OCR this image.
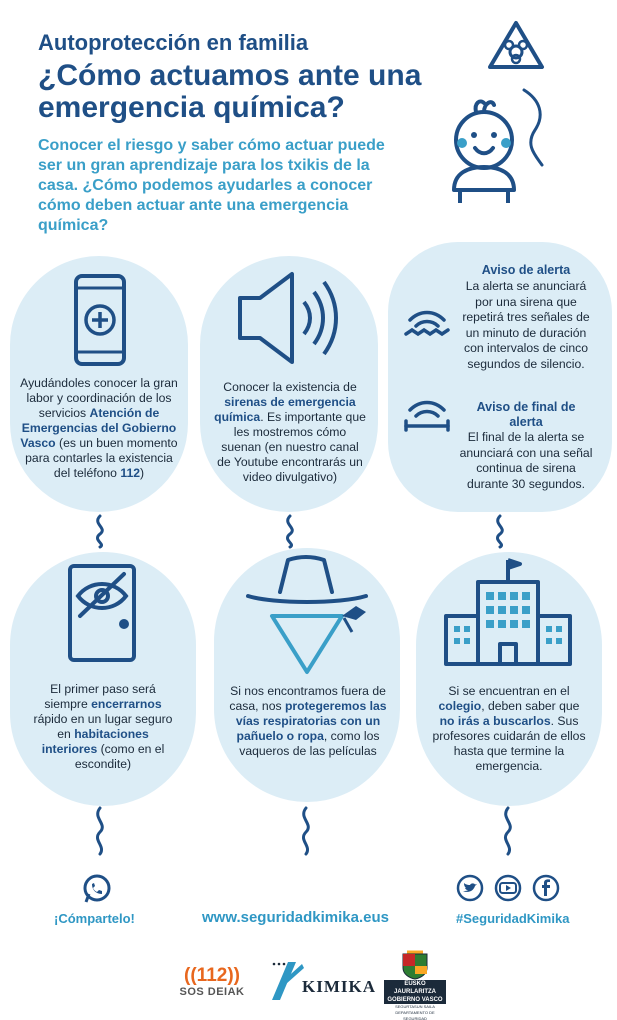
Autoprotección en familia
¿Cómo actuamos ante una emergencia química?
Conocer el riesgo y saber cómo actuar puede ser un gran aprendizaje para los txikis de la casa. ¿Cómo podemos ayudarles a conocer cómo deben actuar ante una emergencia química?
Ayudándoles conocer la gran labor y coordinación de los servicios Atención de Emergencias del Gobierno Vasco (es un buen momento para contarles la existencia del teléfono 112)
Conocer la existencia de sirenas de emergencia química. Es importante que les mostremos cómo suenan (en nuestro canal de Youtube encontrarás un video divulgativo)
Aviso de alerta
La alerta se anunciará por una sirena que repetirá tres señales de un minuto de duración con intervalos de cinco segundos de silencio.
Aviso de final de alerta
El final de la alerta se anunciará con una señal continua de sirena durante 30 segundos.
El primer paso será siempre encerrarnos rápido en un lugar seguro en habitaciones interiores (como en el escondite)
Si nos encontramos fuera de casa, nos protegeremos las vías respiratorias con un pañuelo o ropa, como los vaqueros de las películas
Si se encuentran en el colegio, deben saber que no irás a buscarlos. Sus profesores cuidarán de ellos hasta que termine la emergencia.
¡Cómparte​lo!	www.seguridadkimika.eus	#SeguridadKimika
((112))
SOS DEIAK	KIMIKA	EUSKO JAURLARITZA
GOBIERNO VASCO
SEGURTASUN SAILA
DEPARTAMENTO DE SEGURIDAD
